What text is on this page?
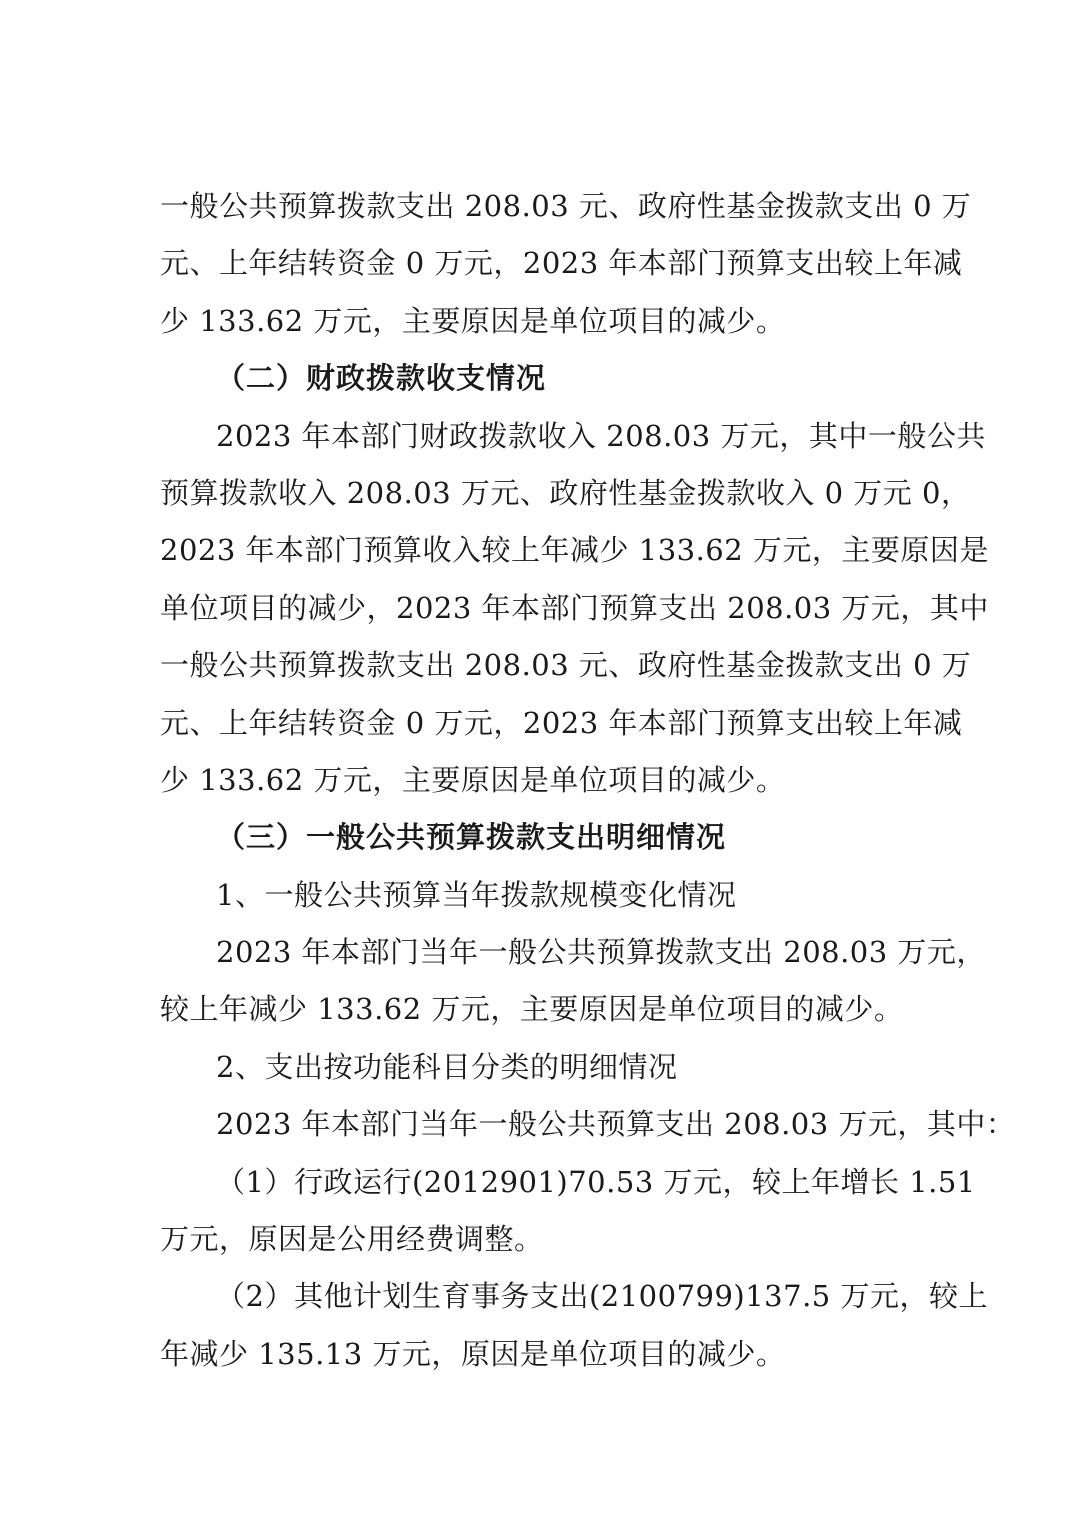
一般公共预算拨款支出 208.03 元、政府性基金拨款支出 0 万
元、上年结转资金 0 万元，2023 年本部门预算支出较上年减
少 133.62 万元，主要原因是单位项目的减少。
（二）财政拨款收支情况
2023 年本部门财政拨款收入 208.03 万元，其中一般公共
预算拨款收入 208.03 万元、政府性基金拨款收入 0 万元 0，
2023 年本部门预算收入较上年减少 133.62 万元，主要原因是
单位项目的减少，2023 年本部门预算支出 208.03 万元，其中
一般公共预算拨款支出 208.03 元、政府性基金拨款支出 0 万
元、上年结转资金 0 万元，2023 年本部门预算支出较上年减
少 133.62 万元，主要原因是单位项目的减少。
（三）一般公共预算拨款支出明细情况
1、一般公共预算当年拨款规模变化情况
2023 年本部门当年一般公共预算拨款支出 208.03 万元，
较上年减少 133.62 万元，主要原因是单位项目的减少。
2、支出按功能科目分类的明细情况
2023 年本部门当年一般公共预算支出 208.03 万元，其中：
（1）行政运行(2012901)70.53 万元，较上年增长 1.51
万元，原因是公用经费调整。
（2）其他计划生育事务支出(2100799)137.5 万元，较上
年减少 135.13 万元，原因是单位项目的减少。
